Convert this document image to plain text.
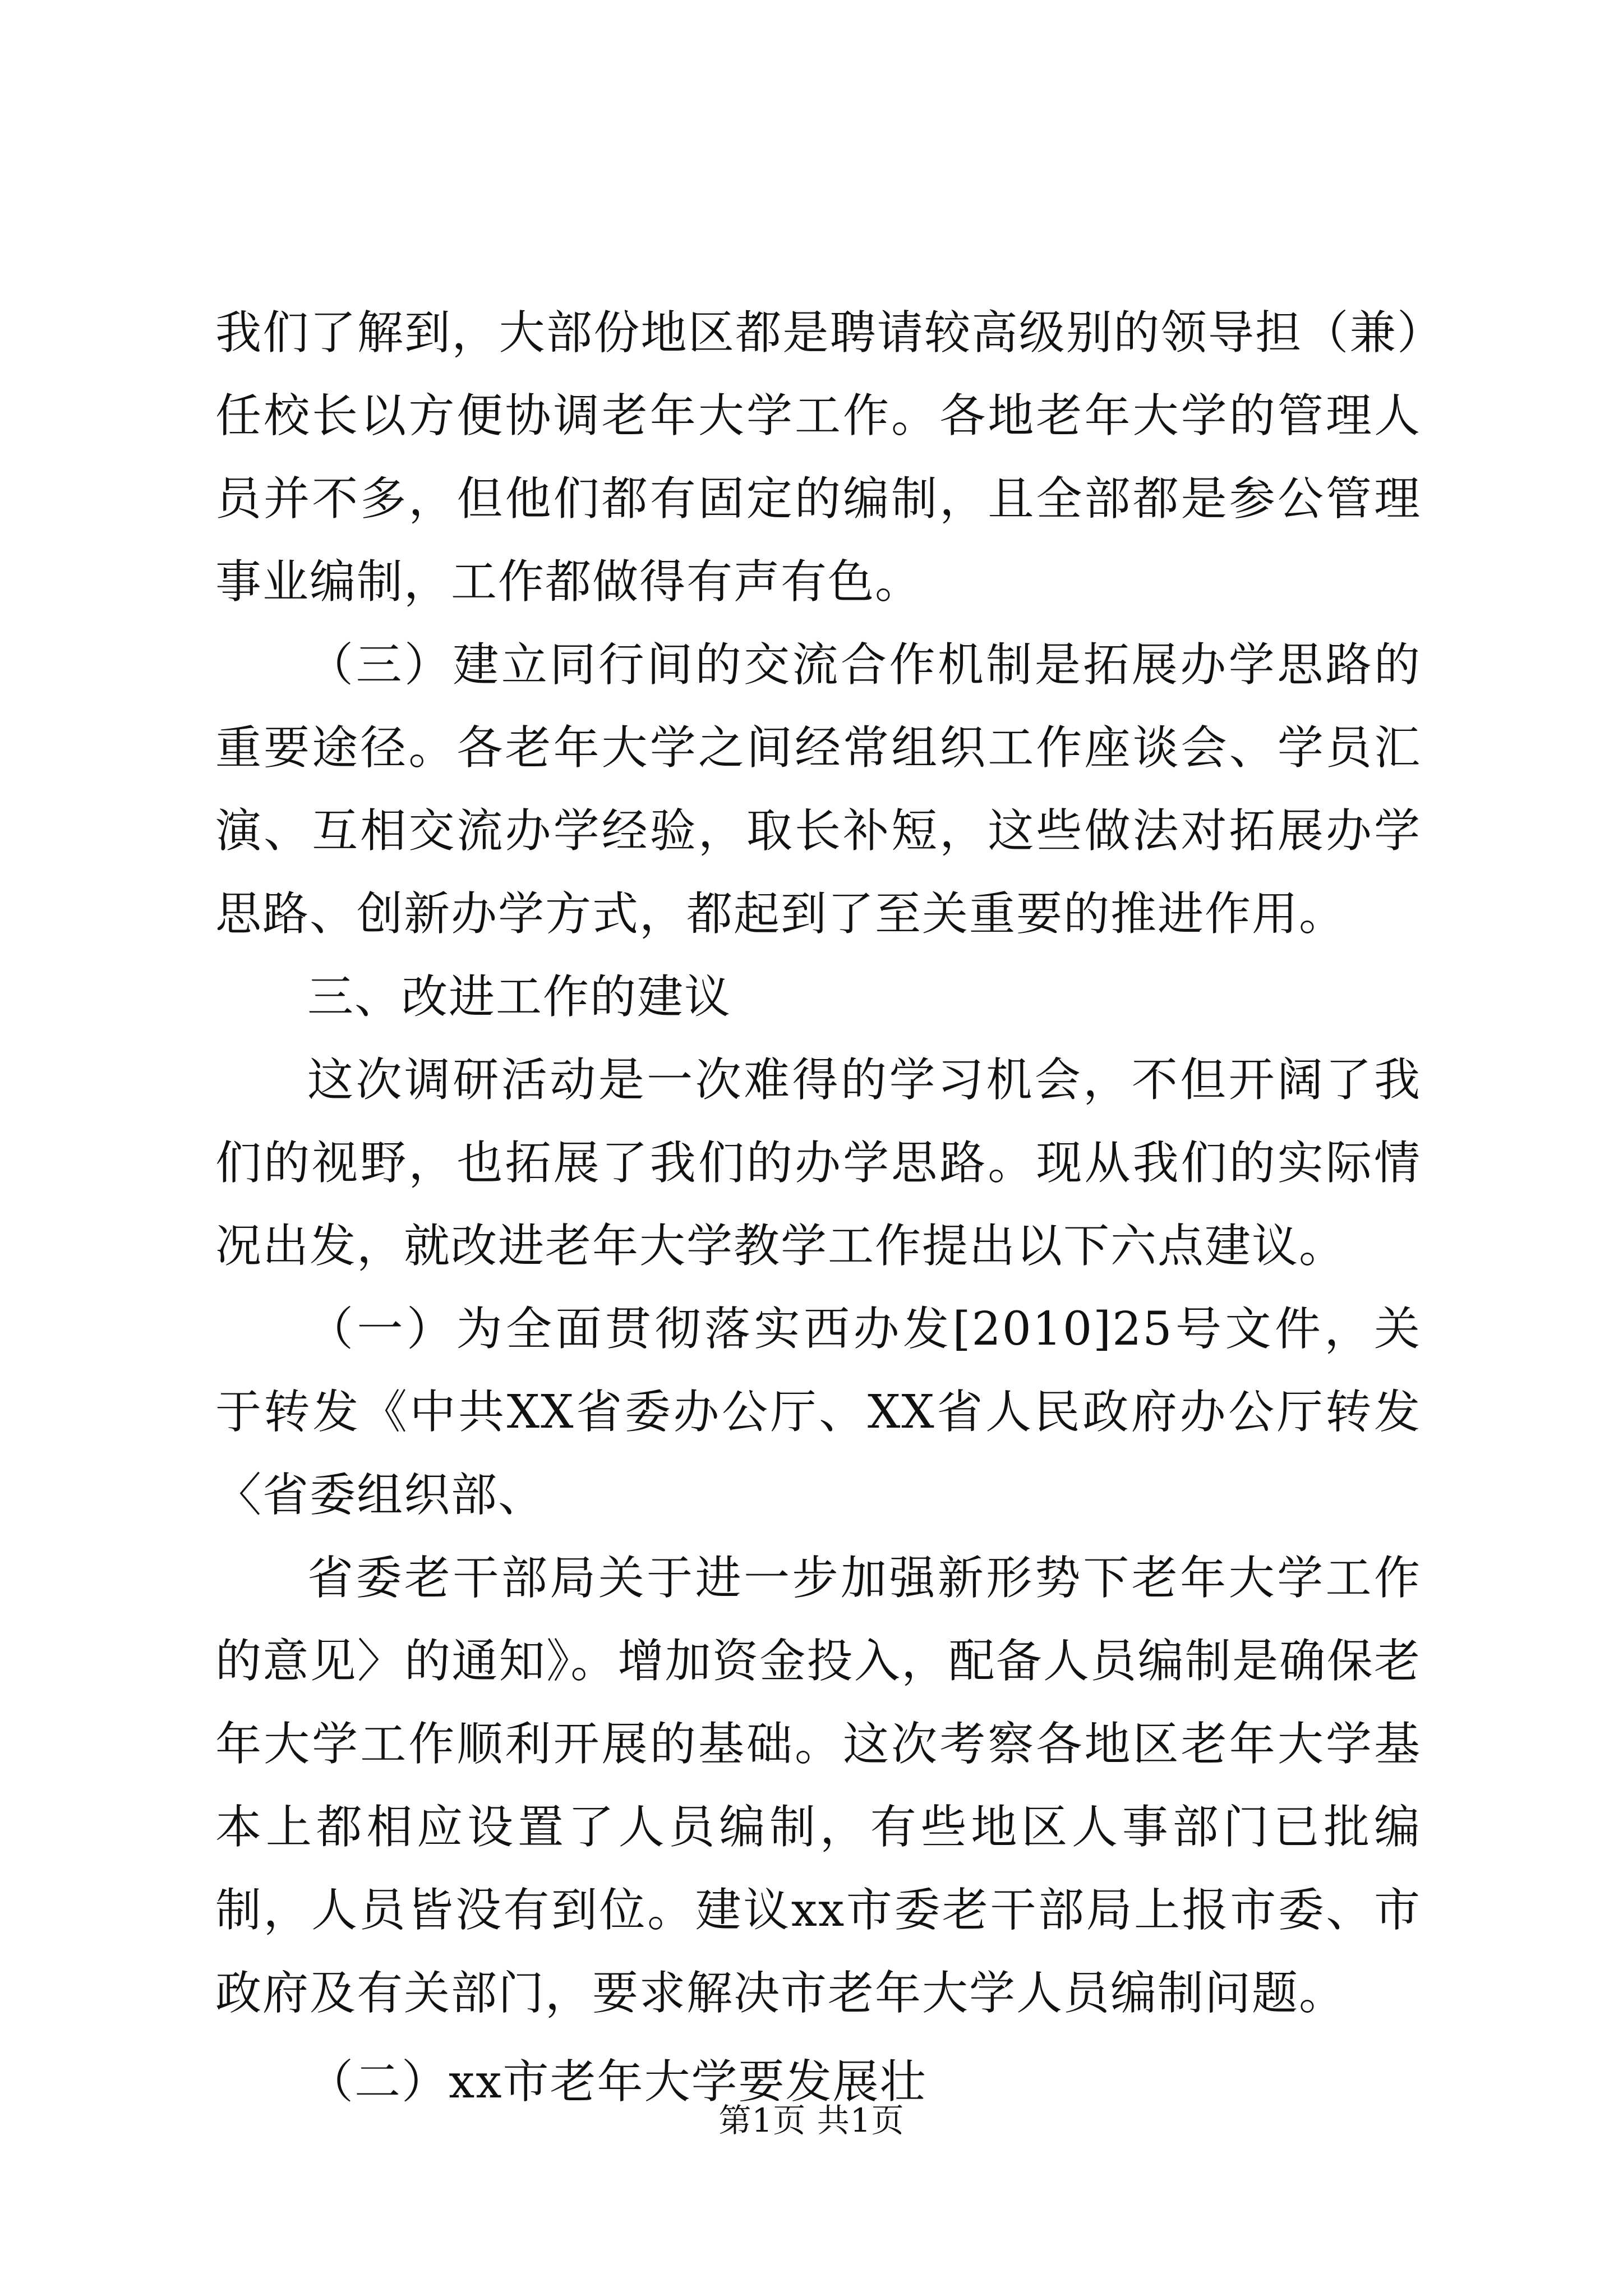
我们了解到，大部份地区都是聘请较高级别的领导担（兼）任校长以方便协调老年大学工作。各地老年大学的管理人员并不多，但他们都有固定的编制，且全部都是参公管理事业编制，工作都做得有声有色。

（三）建立同行间的交流合作机制是拓展办学思路的重要途径。各老年大学之间经常组织工作座谈会、学员汇演、互相交流办学经验，取长补短，这些做法对拓展办学思路、创新办学方式，都起到了至关重要的推进作用。

三、改进工作的建议

这次调研活动是一次难得的学习机会，不但开阔了我们的视野，也拓展了我们的办学思路。现从我们的实际情况出发，就改进老年大学教学工作提出以下六点建议。

（一）为全面贯彻落实西办发[2010]25号文件，关于转发《中共XX省委办公厅、XX省人民政府办公厅转发〈省委组织部、

省委老干部局关于进一步加强新形势下老年大学工作的意见〉的通知》。增加资金投入，配备人员编制是确保老年大学工作顺利开展的基础。这次考察各地区老年大学基本上都相应设置了人员编制，有些地区人事部门已批编制，人员皆没有到位。建议xx市委老干部局上报市委、市政府及有关部门，要求解决市老年大学人员编制问题。

（二）xx市老年大学要发展壮

第1页 共1页
